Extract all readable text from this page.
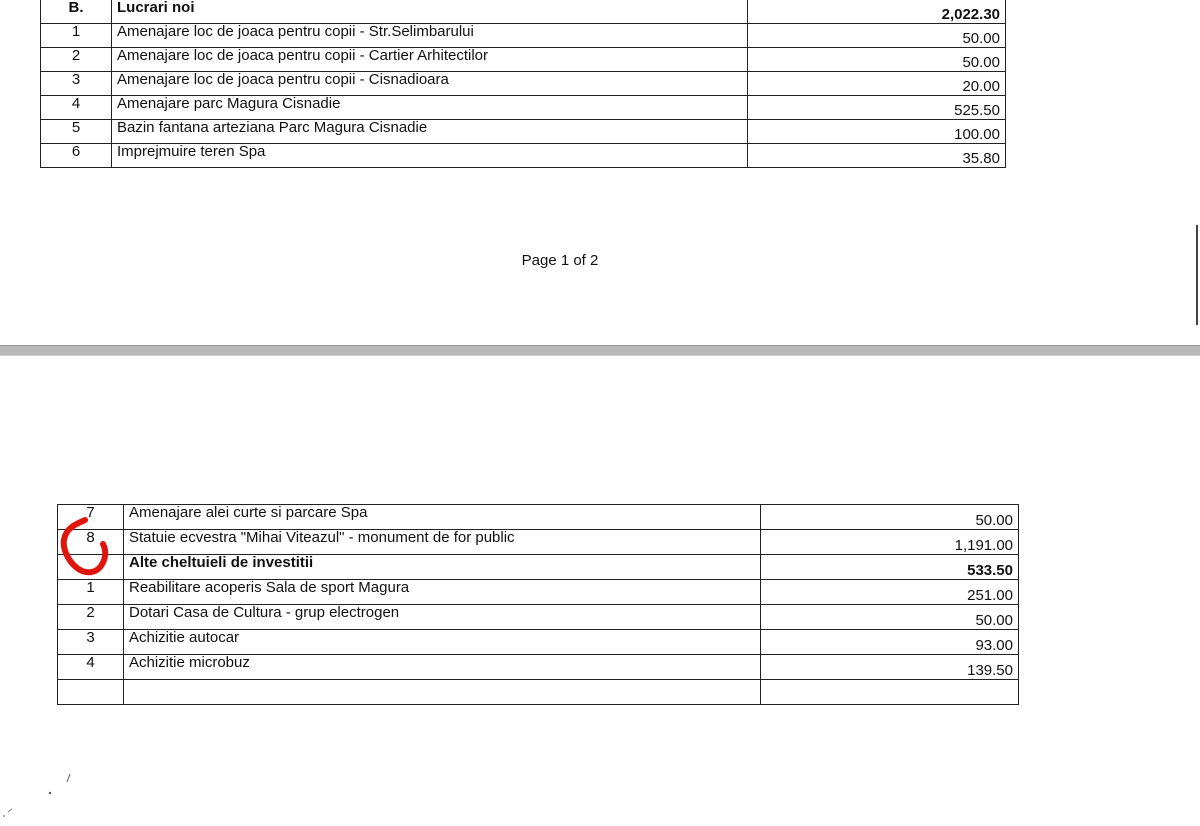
B.	Lucrari noi	2,022.30
1	Amenajare loc de joaca pentru copii - Str.Selimbarului	50.00
2	Amenajare loc de joaca pentru copii - Cartier Arhitectilor	50.00
3	Amenajare loc de joaca pentru copii - Cisnadioara	20.00
4	Amenajare parc Magura Cisnadie	525.50
5	Bazin fantana arteziana Parc Magura Cisnadie	100.00
6	Imprejmuire teren Spa	35.80
Page 1 of 2
7	Amenajare alei curte si parcare Spa	50.00
8	Statuie ecvestra "Mihai Viteazul" - monument de for public	1,191.00
	Alte cheltuieli de investitii	533.50
1	Reabilitare acoperis Sala de sport Magura	251.00
2	Dotari Casa de Cultura - grup electrogen	50.00
3	Achizitie autocar	93.00
4	Achizitie microbuz	139.50
